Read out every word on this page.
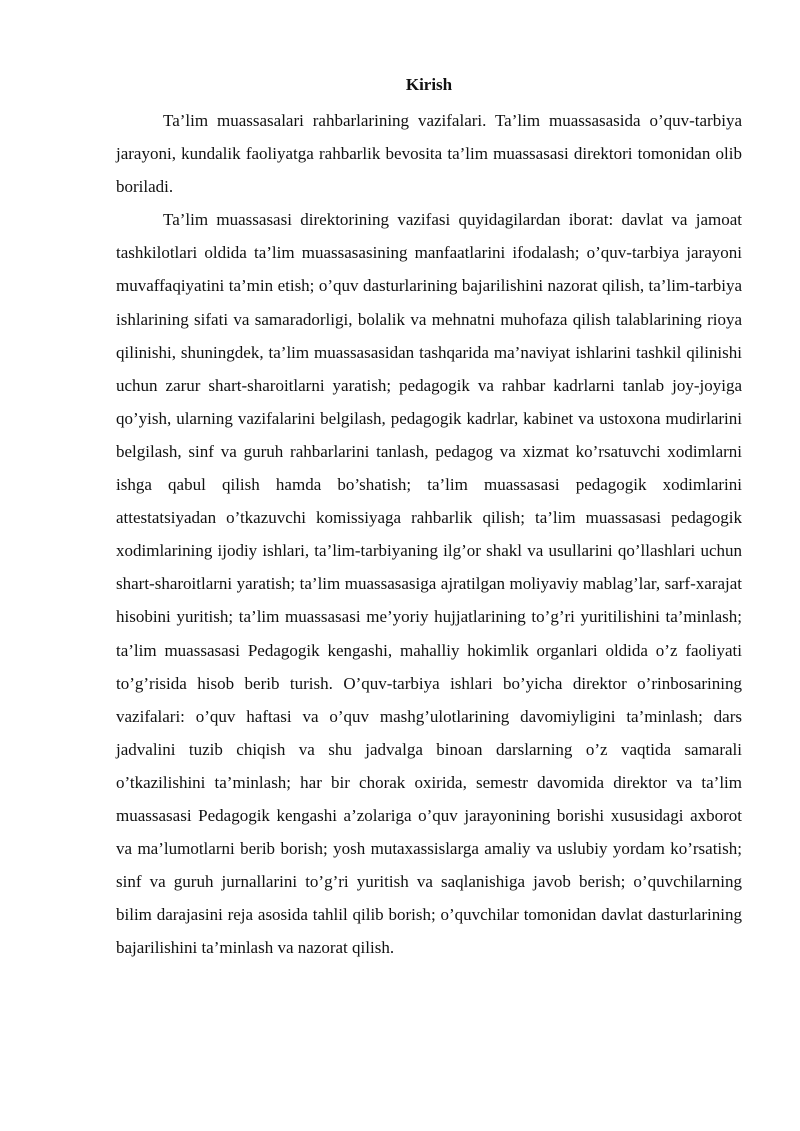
Kirish

Ta’lim muassasalari rahbarlarining vazifalari. Ta’lim muassasasida o’quv-tarbiya jarayoni, kundalik faoliyatga rahbarlik bevosita ta’lim muassasasi direktori tomonidan olib boriladi.

Ta’lim muassasasi direktorining vazifasi quyidagilardan iborat: davlat va jamoat tashkilotlari oldida ta’lim muassasasining manfaatlarini ifodalash; o’quv-tarbiya jarayoni muvaffaqiyatini ta’min etish; o’quv dasturlarining bajarilishini nazorat qilish, ta’lim-tarbiya ishlarining sifati va samaradorligi, bolalik va mehnatni muhofaza qilish talablarining rioya qilinishi, shuningdek, ta’lim muassasasidan tashqarida ma’naviyat ishlarini tashkil qilinishi uchun zarur shart-sharoitlarni yaratish; pedagogik va rahbar kadrlarni tanlab joy-joyiga qo’yish, ularning vazifalarini belgilash, pedagogik kadrlar, kabinet va ustoxona mudirlarini belgilash, sinf va guruh rahbarlarini tanlash, pedagog va xizmat ko’rsatuvchi xodimlarni ishga qabul qilish hamda bo’shatish; ta’lim muassasasi pedagogik xodimlarini attestatsiyadan o’tkazuvchi komissiyaga rahbarlik qilish; ta’lim muassasasi pedagogik xodimlarining ijodiy ishlari, ta’lim-tarbiyaning ilg’or shakl va usullarini qo’llashlari uchun shart-sharoitlarni yaratish; ta’lim muassasasiga ajratilgan moliyaviy mablag’lar, sarf-xarajat hisobini yuritish; ta’lim muassasasi me’yoriy hujjatlarining to’g’ri yuritilishini ta’minlash; ta’lim muassasasi Pedagogik kengashi, mahalliy hokimlik organlari oldida o’z faoliyati to’g’risida hisob berib turish. O’quv-tarbiya ishlari bo’yicha direktor o’rinbosarining vazifalari: o’quv haftasi va o’quv mashg’ulotlarining davomiyligini ta’minlash; dars jadvalini tuzib chiqish va shu jadvalga binoan darslarning o’z vaqtida samarali o’tkazilishini ta’minlash; har bir chorak oxirida, semestr davomida direktor va ta’lim muassasasi Pedagogik kengashi a’zolariga o’quv jarayonining borishi xususidagi axborot va ma’lumotlarni berib borish; yosh mutaxassislarga amaliy va uslubiy yordam ko’rsatish; sinf va guruh jurnallarini to’g’ri yuritish va saqlanishiga javob berish; o’quvchilarning bilim darajasini reja asosida tahlil qilib borish; o’quvchilar tomonidan davlat dasturlarining bajarilishini ta’minlash va nazorat qilish.
